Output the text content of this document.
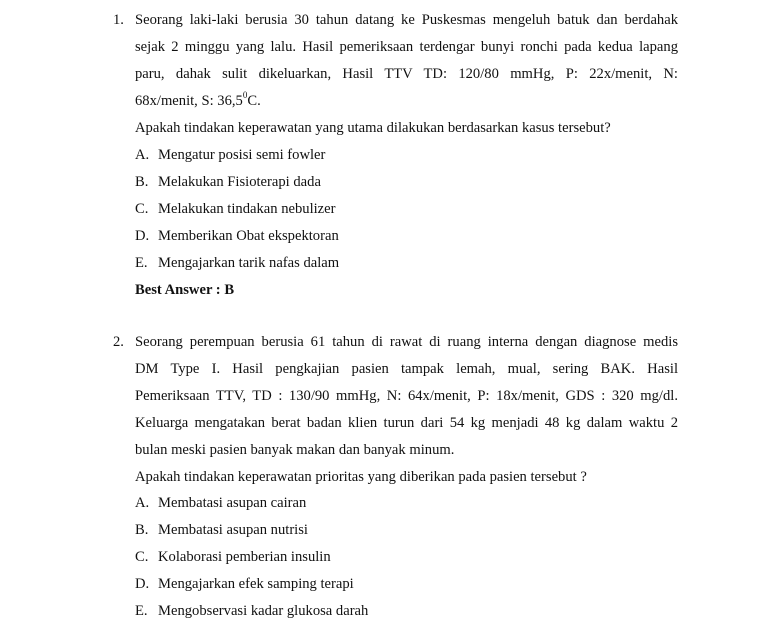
1. Seorang laki-laki berusia 30 tahun datang ke Puskesmas mengeluh batuk dan berdahak
sejak 2 minggu yang lalu. Hasil pemeriksaan terdengar bunyi ronchi pada kedua lapang
paru, dahak sulit dikeluarkan, Hasil TTV TD: 120/80 mmHg, P: 22x/menit, N:
68x/menit, S: 36,5$^0$C.
Apakah tindakan keperawatan yang utama dilakukan berdasarkan kasus tersebut?
A. Mengatur posisi semi fowler
B. Melakukan Fisioterapi dada
C. Melakukan tindakan nebulizer
D. Memberikan Obat ekspektoran
E. Mengajarkan tarik nafas dalam
Best Answer : B
2. Seorang perempuan berusia 61 tahun di rawat di ruang interna dengan diagnose medis
DM Type I. Hasil pengkajian pasien tampak lemah, mual, sering BAK. Hasil
Pemeriksaan TTV, TD : 130/90 mmHg, N: 64x/menit, P: 18x/menit, GDS : 320 mg/dl.
Keluarga mengatakan berat badan klien turun dari 54 kg menjadi 48 kg dalam waktu 2
bulan meski pasien banyak makan dan banyak minum.
Apakah tindakan keperawatan prioritas yang diberikan pada pasien tersebut ?
A. Membatasi asupan cairan
B. Membatasi asupan nutrisi
C. Kolaborasi pemberian insulin
D. Mengajarkan efek samping terapi
E. Mengobservasi kadar glukosa darah
